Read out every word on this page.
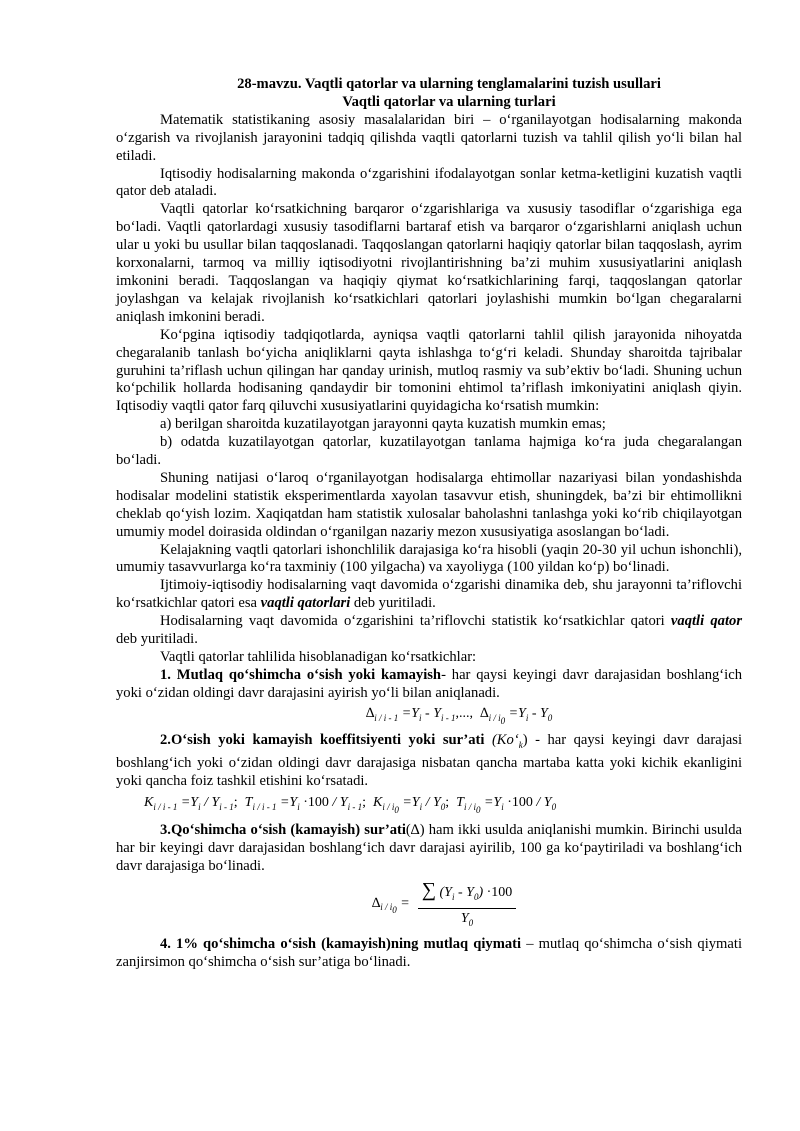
28-mavzu. Vaqtli qatorlar va ularning tenglamalarini tuzish usullari

Vaqtli qatorlar va ularning turlari

Matematik statistikaning asosiy masalalaridan biri – o‘rganilayotgan hodisalarning makonda o‘zgarish va rivojlanish jarayonini tadqiq qilishda vaqtli qatorlarni tuzish va tahlil qilish yo‘li bilan hal etiladi.

Iqtisodiy hodisalarning makonda o‘zgarishini ifodalayotgan sonlar ketma-ketligini kuzatish vaqtli qator deb ataladi.

Vaqtli qatorlar ko‘rsatkichning barqaror o‘zgarishlariga va xususiy tasodiflar o‘zgarishiga ega bo‘ladi. Vaqtli qatorlardagi xususiy tasodiflarni bartaraf etish va barqaror o‘zgarishlarni aniqlash uchun ular u yoki bu usullar bilan taqqoslanadi. Taqqoslangan qatorlarni haqiqiy qatorlar bilan taqqoslash, ayrim korxonalarni, tarmoq va milliy iqtisodiyotni rivojlantirishning ba’zi muhim xususiyatlarini aniqlash imkonini beradi. Taqqoslangan va haqiqiy qiymat ko‘rsatkichlarining farqi, taqqoslangan qatorlar joylashgan va kelajak rivojlanish ko‘rsatkichlari qatorlari joylashishi mumkin bo‘lgan chegaralarni aniqlash imkonini beradi.

Ko‘pgina iqtisodiy tadqiqotlarda, ayniqsa vaqtli qatorlarni tahlil qilish jarayonida nihoyatda chegaralanib tanlash bo‘yicha aniqliklarni qayta ishlashga to‘g‘ri keladi. Shunday sharoitda tajribalar guruhini ta’riflash uchun qilingan har qanday urinish, mutloq rasmiy va sub’ektiv bo‘ladi. Shuning uchun ko‘pchilik hollarda hodisaning qandaydir bir tomonini ehtimol ta’riflash imkoniyatini aniqlash qiyin. Iqtisodiy vaqtli qator farq qiluvchi xususiyatlarini quyidagicha ko‘rsatish mumkin:

a) berilgan sharoitda kuzatilayotgan jarayonni qayta kuzatish mumkin emas;

b) odatda kuzatilayotgan qatorlar, kuzatilayotgan tanlama hajmiga ko‘ra juda chegaralangan bo‘ladi.

Shuning natijasi o‘laroq o‘rganilayotgan hodisalarga ehtimollar nazariyasi bilan yondashishda hodisalar modelini statistik eksperimentlarda xayolan tasavvur etish, shuningdek, ba’zi bir ehtimollikni cheklab qo‘yish lozim. Xaqiqatdan ham statistik xulosalar baholashni tanlashga yoki ko‘rib chiqilayotgan umumiy model doirasida oldindan o‘rganilgan nazariy mezon xususiyatiga asoslangan bo‘ladi.

Kelajakning vaqtli qatorlari ishonchlilik darajasiga ko‘ra hisobli (yaqin 20-30 yil uchun ishonchli), umumiy tasavvurlarga ko‘ra taxminiy (100 yilgacha) va xayoliyga (100 yildan ko‘p) bo‘linadi.

Ijtimoiy-iqtisodiy hodisalarning vaqt davomida o‘zgarishi dinamika deb, shu jarayonni ta’riflovchi ko‘rsatkichlar qatori esa vaqtli qatorlari deb yuritiladi.

Hodisalarning vaqt davomida o‘zgarishini ta’riflovchi statistik ko‘rsatkichlar qatori vaqtli qator deb yuritiladi.

Vaqtli qatorlar tahlilida hisoblanadigan ko‘rsatkichlar:

1. Mutlaq qo‘shimcha o‘sish yoki kamayish- har qaysi keyingi davr darajasidan boshlang‘ich yoki o‘zidan oldingi davr darajasini ayirish yo‘li bilan aniqlanadi.

$\Delta_{i / i - 1} =Y_i - Y_{i - 1}$,..., $\Delta_{i / i_0} =Y_i - Y_0$

2.O‘sish yoki kamayish koeffitsiyenti yoki sur’ati $(Ko‘_k)$ - har qaysi keyingi davr darajasi boshlang‘ich yoki o‘zidan oldingi davr darajasiga nisbatan qancha martaba katta yoki kichik ekanligini yoki qancha foiz tashkil etishini ko‘rsatadi.

$K_{i / i - 1} =Y_i / Y_{i - 1}$;  $T_{i / i - 1} =Y_i \cdot 100 / Y_{i - 1}$;  $K_{i / i_0} =Y_i / Y_0$;  $T_{i / i_0} =Y_i \cdot 100 / Y_0$

3.Qo‘shimcha o‘sish (kamayish) sur’ati(∆) ham ikki usulda aniqlanishi mumkin. Birinchi usulda har bir keyingi davr darajasidan boshlang‘ich davr darajasi ayirilib, 100 ga ko‘paytiriladi va boshlang‘ich davr darajasiga bo‘linadi.

$\Delta_{i / i_0} = \frac{\sum (Y_i - Y_0) \cdot 100}{Y_0}$

4. 1% qo‘shimcha o‘sish (kamayish)ning mutlaq qiymati – mutlaq qo‘shimcha o‘sish qiymati zanjirsimon qo‘shimcha o‘sish sur’atiga bo‘linadi.
